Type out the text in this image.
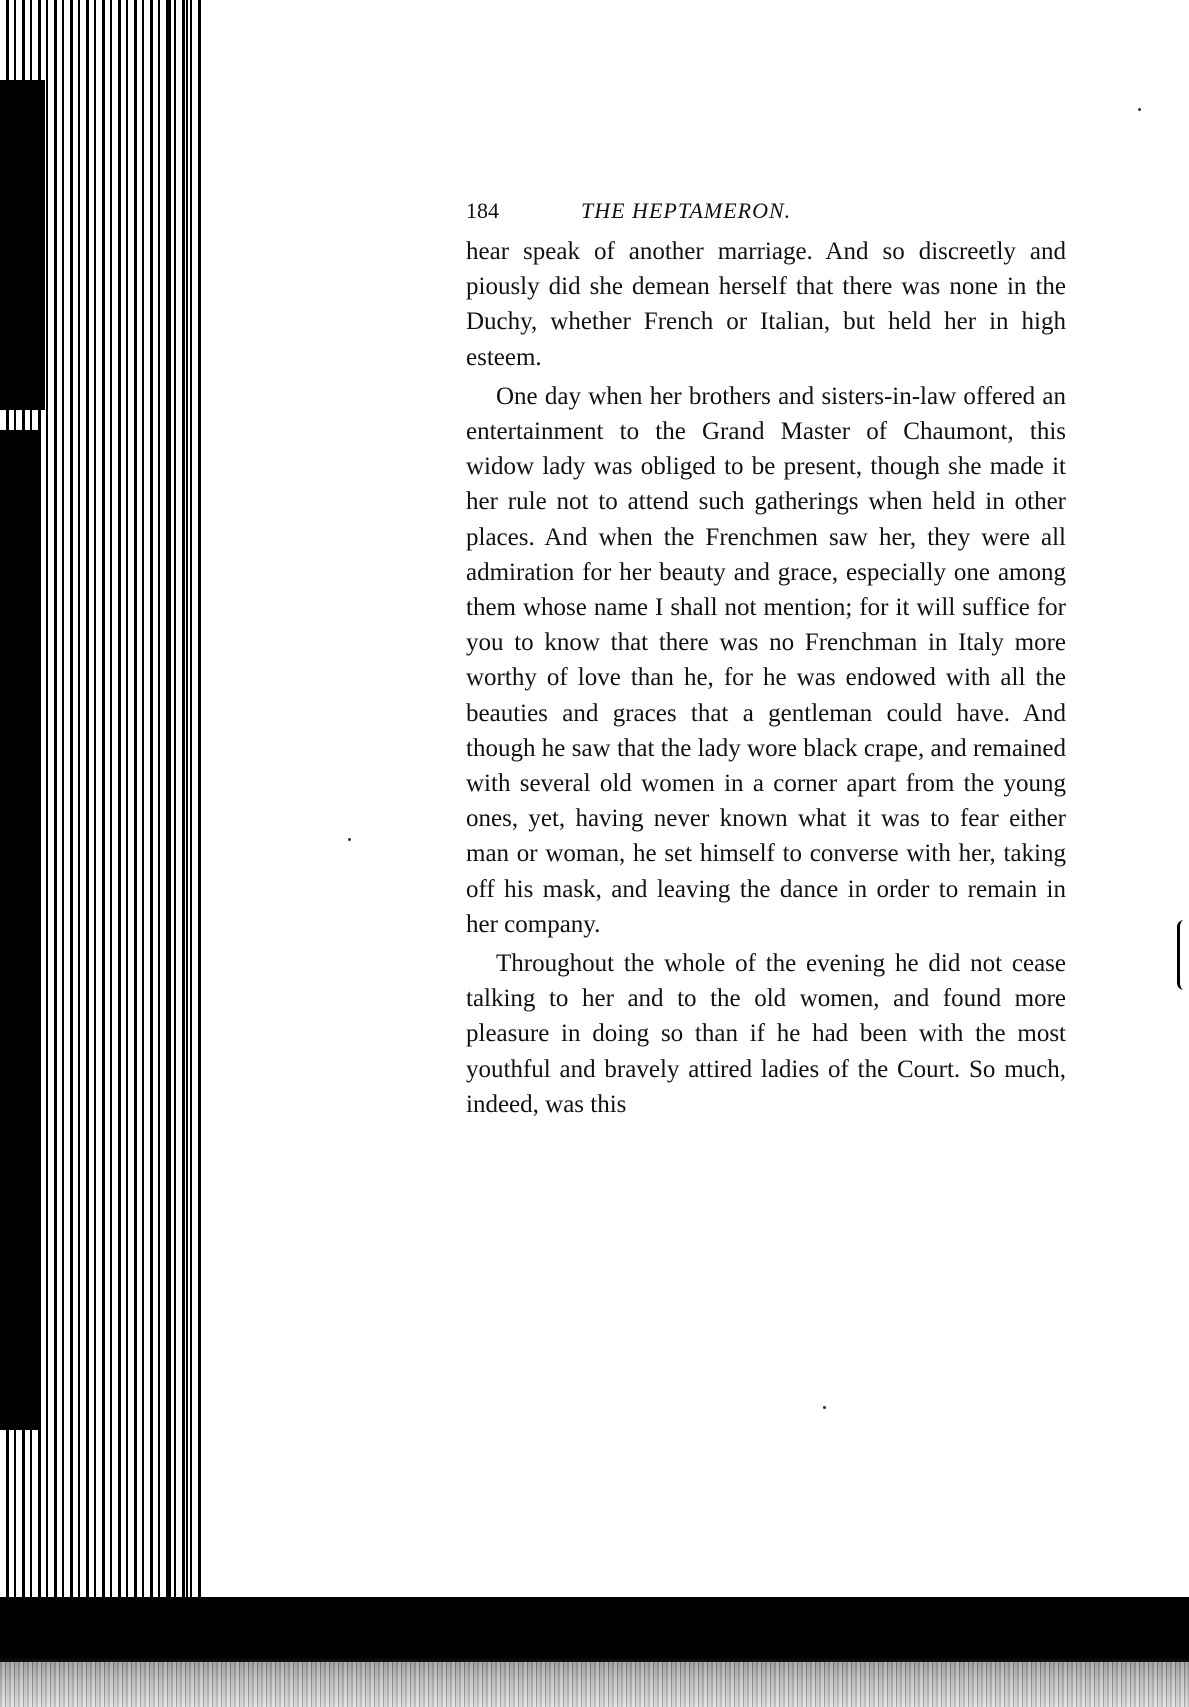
184	THE HEPTAMERON.

hear speak of another marriage. And so discreetly and piously did she demean herself that there was none in the Duchy, whether French or Italian, but held her in high esteem.

One day when her brothers and sisters-in-law offered an entertainment to the Grand Master of Chaumont, this widow lady was obliged to be present, though she made it her rule not to attend such gatherings when held in other places. And when the Frenchmen saw her, they were all admiration for her beauty and grace, especially one among them whose name I shall not mention; for it will suffice for you to know that there was no Frenchman in Italy more worthy of love than he, for he was endowed with all the beauties and graces that a gentleman could have. And though he saw that the lady wore black crape, and remained with several old women in a corner apart from the young ones, yet, having never known what it was to fear either man or woman, he set himself to converse with her, taking off his mask, and leaving the dance in order to remain in her company.

Throughout the whole of the evening he did not cease talking to her and to the old women, and found more pleasure in doing so than if he had been with the most youthful and bravely attired ladies of the Court. So much, indeed, was this
